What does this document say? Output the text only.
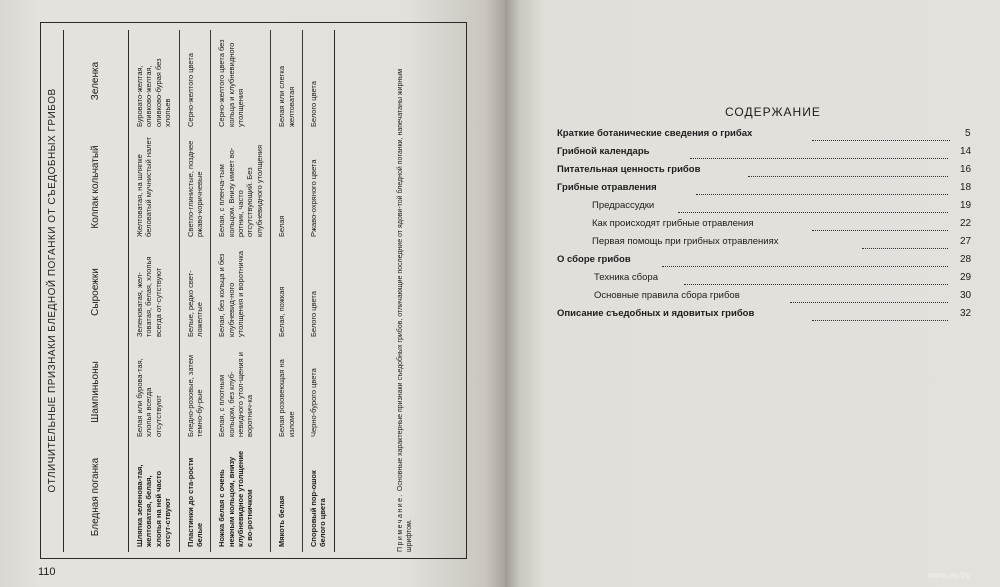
ОТЛИЧИТЕЛЬНЫЕ ПРИЗНАКИ БЛЕДНОЙ ПОГАНКИ ОТ СЪЕДОБНЫХ ГРИБОВ
Бледная поганка	Шампиньоны	Сыроежки	Колпак кольчатый	Зеленка
Шляпка зеленова-тая, желтоватая, белая, хлопья на ней часто отсут-ствуют	Белая или бурова-тая, хлопья всегда отсутствуют	Зеленоватая, жел-товатая, белая, хлопья всегда от-сутствуют	Желтоватая, на шляпке беловатый мучнистый налет	Буровато-желтая, оливково-желтая, оливково-бурая без хлопьев
Пластинки до ста-рости белые	Бледно-розовые, затем темно-бу-рые	Белые, редко свет-ложелтые	Светло-глинистые, позднее ржаво-коричневые	Серно-желтого цвета
Ножка белая с очень нежным кольцом, внизу клубневидное утолщение с во-ротничком	Белая, с плотным кольцом, без клуб-невидного утол-щения и воротнич-ка	Белая, без кольца и без клубневид-ного утолщения и воротничка	Белая, с пленча-тым кольцом. Внизу имеет во-ротник, часто отсутствующий. Без клубневидного утолщения	Серно-желтого цвета без кольца и клубневидного утолщения
Мякоть белая	Белая розовеющая на изломе	Белая, пожкая	Белая	Белая или слегка желтоватая
Споровый пор-ошок белого цвета	Черно-бурого цвета	Белого цвета	Ржаво-охряного цвета	Белого цвета
Примечание. Основные характерные признаки съедобных грибов, отличающие последние от ядови-той бледной поганки, напечатаны жирным шрифтом.
110
СОДЕРЖАНИЕ
Краткие ботанические сведения о грибах	5
Грибной календарь	14
Питательная ценность грибов	16
Грибные отравления	18
Предрассудки	19
Как происходят грибные отравления	22
Первая помощь при грибных отравлениях	27
О сборе грибов	28
Техника сбора	29
Основные правила сбора грибов	30
Описание съедобных и ядовитых грибов	32
www.ay.by
